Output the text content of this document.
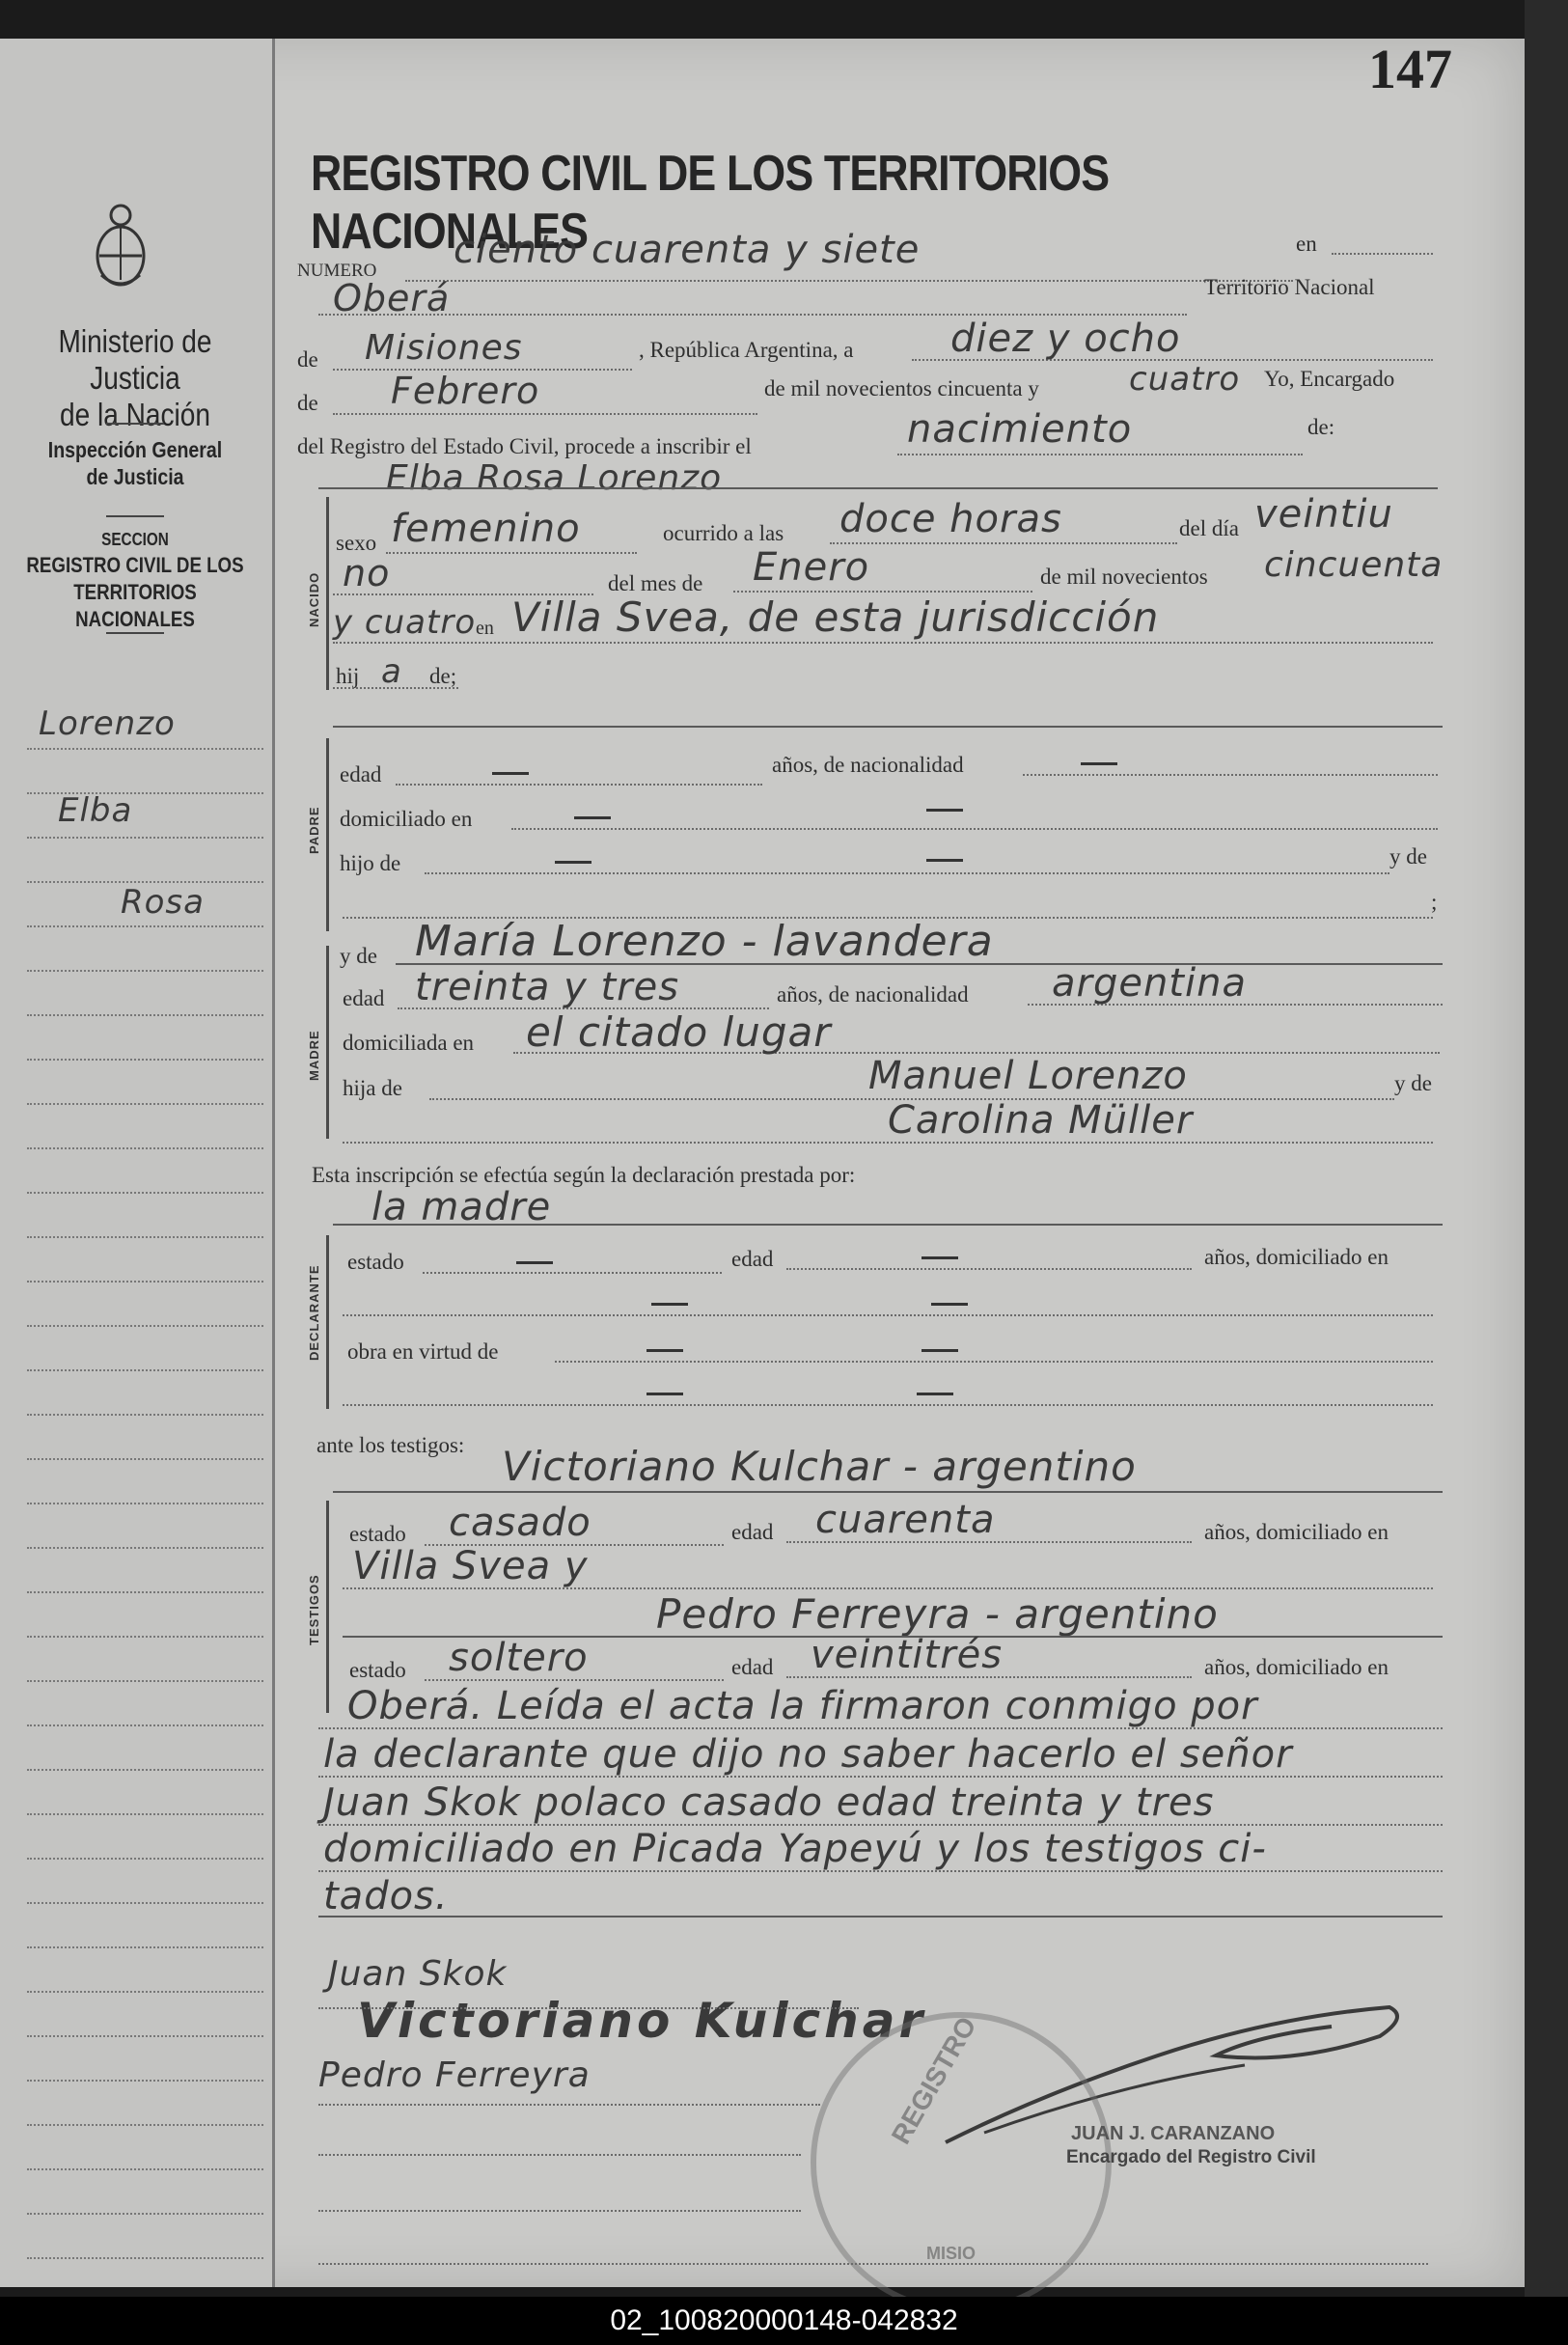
147
REGISTRO CIVIL DE LOS TERRITORIOS NACIONALES
Ministerio de Justicia
de la Nación
Inspección General
de Justicia
SECCION
REGISTRO CIVIL DE LOS
TERRITORIOS NACIONALES
Lorenzo
Elba
Rosa
NUMERO ciento cuarenta y siete	en
Oberá	Territorio Nacional
de Misiones	, República Argentina, a	diez y ocho
de Febrero	de mil novecientos cincuenta y	cuatro Yo, Encargado
del Registro del Estado Civil, procede a inscribir el	nacimiento	de:
Elba Rosa Lorenzo
NACIDO
sexo femenino	ocurrido a las doce horas	del día veintiu
no	del mes de Enero	de mil novecientos cincuenta
y cuatro en Villa Svea, de esta jurisdicción
hij a de;
PADRE
edad	años, de nacionalidad
domiciliado en
hijo de	y de
;
MADRE
y de María Lorenzo - lavandera
edad treinta y tres	años, de nacionalidad argentina
domiciliada en el citado lugar
hija de	Manuel Lorenzo	y de
Carolina Müller
Esta inscripción se efectúa según la declaración prestada por:
la madre
DECLARANTE
estado	edad	años, domiciliado en
obra en virtud de
ante los testigos: Victoriano Kulchar - argentino
TESTIGOS
estado casado	edad cuarenta	años, domiciliado en
Villa Svea y
Pedro Ferreyra - argentino
estado soltero	edad veintitrés	años, domiciliado en
Oberá. Leída el acta la firmaron conmigo por
la declarante que dijo no saber hacerlo el señor
Juan Skok polaco casado edad treinta y tres
domiciliado en Picada Yapeyú y los testigos ci-
tados.
Juan Skok
Victoriano Kulchar
Pedro Ferreyra	REGISTRO
MISIO
JUAN J. CARANZANO
Encargado del Registro Civil
02_100820000148-042832
